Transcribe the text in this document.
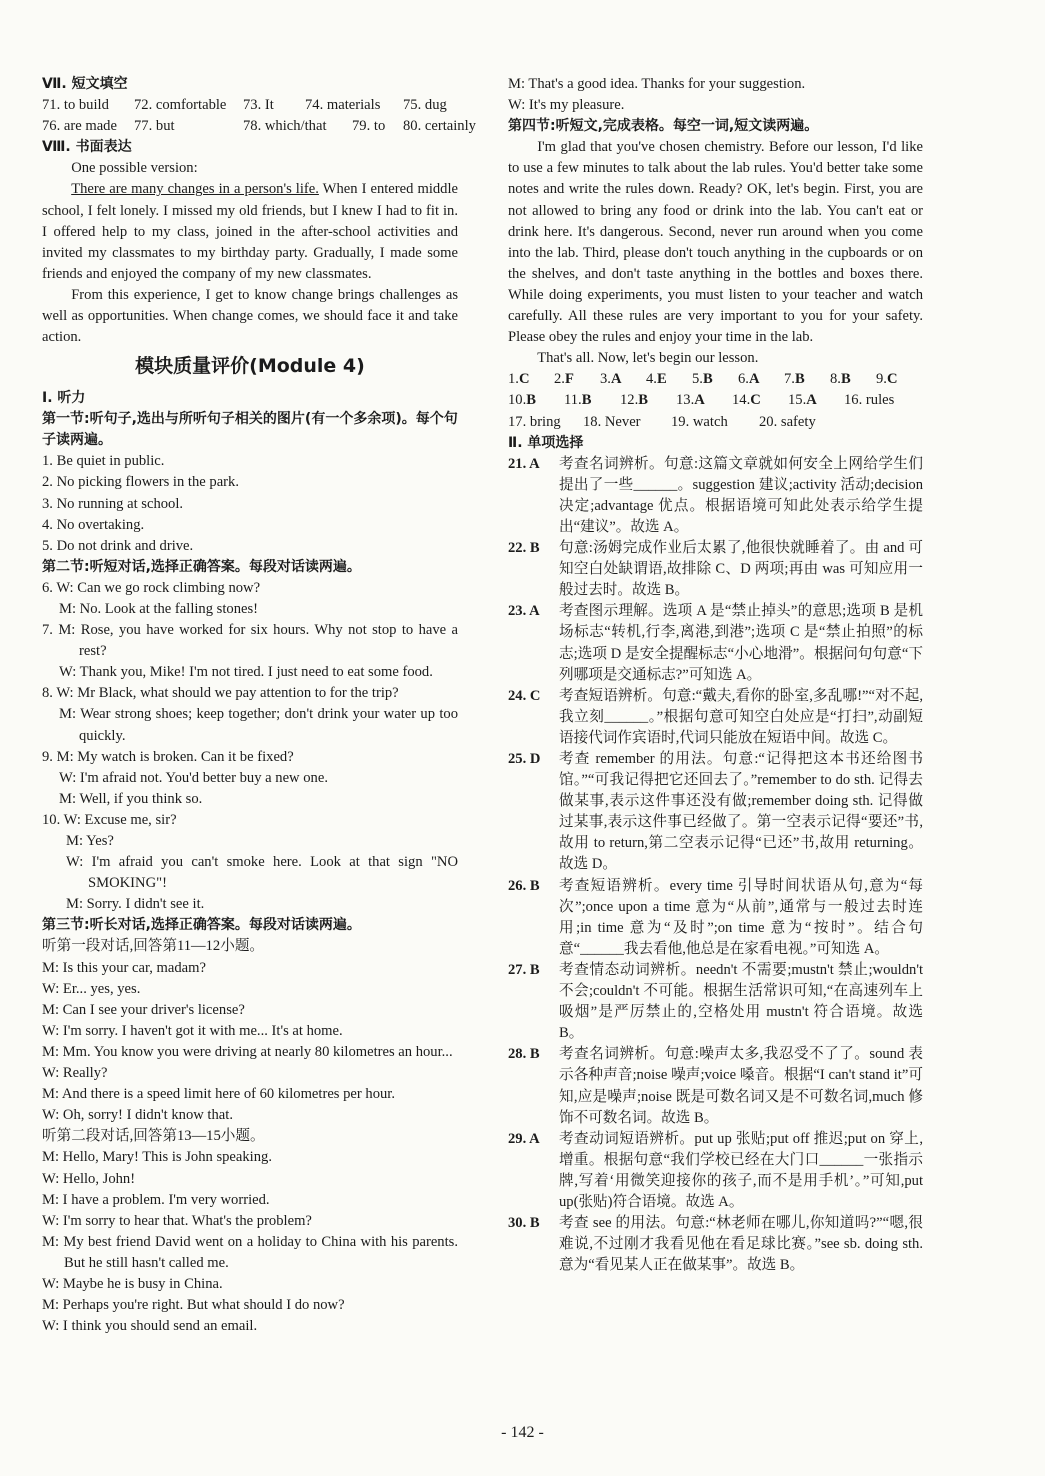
Ⅶ. 短文填空
71. to build 72. comfortable 73. It 74. materials 75. dug
76. are made 77. but	78. which/that 79. to 80. certainly
Ⅷ. 书面表达
One possible version:
There are many changes in a person's life. When I entered middle school, I felt lonely. I missed my old friends, but I knew I had to fit in. I offered help to my class, joined in the after-school activities and invited my classmates to my birthday party. Gradually, I made some friends and enjoyed the company of my new classmates.
From this experience, I get to know change brings challenges as well as opportunities. When change comes, we should face it and take action.
模块质量评价(Module 4)
Ⅰ. 听力
第一节:听句子,选出与所听句子相关的图片(有一个多余项)。每个句子读两遍。
1. Be quiet in public.
2. No picking flowers in the park.
3. No running at school.
4. No overtaking.
5. Do not drink and drive.
第二节:听短对话,选择正确答案。每段对话读两遍。
6. W: Can we go rock climbing now?
M: No. Look at the falling stones!
7. M: Rose, you have worked for six hours. Why not stop to have a rest?
W: Thank you, Mike! I'm not tired. I just need to eat some food.
8. W: Mr Black, what should we pay attention to for the trip?
M: Wear strong shoes; keep together; don't drink your water up too quickly.
9. M: My watch is broken. Can it be fixed?
W: I'm afraid not. You'd better buy a new one.
M: Well, if you think so.
10. W: Excuse me, sir?
M: Yes?
W: I'm afraid you can't smoke here. Look at that sign "NO SMOKING"!
M: Sorry. I didn't see it.
第三节:听长对话,选择正确答案。每段对话读两遍。
听第一段对话,回答第11—12小题。
M: Is this your car, madam?
W: Er... yes, yes.
M: Can I see your driver's license?
W: I'm sorry. I haven't got it with me... It's at home.
M: Mm. You know you were driving at nearly 80 kilometres an hour...
W: Really?
M: And there is a speed limit here of 60 kilometres per hour.
W: Oh, sorry! I didn't know that.
听第二段对话,回答第13—15小题。
M: Hello, Mary! This is John speaking.
W: Hello, John!
M: I have a problem. I'm very worried.
W: I'm sorry to hear that. What's the problem?
M: My best friend David went on a holiday to China with his parents. But he still hasn't called me.
W: Maybe he is busy in China.
M: Perhaps you're right. But what should I do now?
W: I think you should send an email.
M: That's a good idea. Thanks for your suggestion.
W: It's my pleasure.
第四节:听短文,完成表格。每空一词,短文读两遍。
I'm glad that you've chosen chemistry. Before our lesson, I'd like to use a few minutes to talk about the lab rules. You'd better take some notes and write the rules down. Ready? OK, let's begin. First, you are not allowed to bring any food or drink into the lab. You can't eat or drink here. It's dangerous. Second, never run around when you come into the lab. Third, please don't touch anything in the cupboards or on the shelves, and don't taste anything in the bottles and boxes there. While doing experiments, you must listen to your teacher and watch carefully. All these rules are very important to you for your safety. Please obey the rules and enjoy your time in the lab.
That's all. Now, let's begin our lesson.
1.C 2.F 3.A 4.E 5.B 6.A 7.B 8.B 9.C
10.B 11.B 12.B 13.A 14.C 15.A 16. rules
17. bring 18. Never 19. watch 20. safety
Ⅱ. 单项选择
21. A	考查名词辨析。句意:这篇文章就如何安全上网给学生们提出了一些______。suggestion 建议;activity 活动;decision 决定;advantage 优点。根据语境可知此处表示给学生提出“建议”。故选 A。
22. B	句意:汤姆完成作业后太累了,他很快就睡着了。由 and 可知空白处缺谓语,故排除 C、D 两项;再由 was 可知应用一般过去时。故选 B。
23. A	考查图示理解。选项 A 是“禁止掉头”的意思;选项 B 是机场标志“转机,行李,离港,到港”;选项 C 是“禁止拍照”的标志;选项 D 是安全提醒标志“小心地滑”。根据问句句意“下列哪项是交通标志?”可知选 A。
24. C	考查短语辨析。句意:“戴夫,看你的卧室,多乱哪!”“对不起,我立刻______。”根据句意可知空白处应是“打扫”,动副短语接代词作宾语时,代词只能放在短语中间。故选 C。
25. D	考查 remember 的用法。句意:“记得把这本书还给图书馆。”“可我记得把它还回去了。”remember to do sth. 记得去做某事,表示这件事还没有做;remember doing sth. 记得做过某事,表示这件事已经做了。第一空表示记得“要还”书,故用 to return,第二空表示记得“已还”书,故用 returning。故选 D。
26. B	考查短语辨析。every time 引导时间状语从句,意为“每次”;once upon a time 意为“从前”,通常与一般过去时连用;in time 意为“及时”;on time 意为“按时”。结合句意“______我去看他,他总是在家看电视。”可知选 A。
27. B	考查情态动词辨析。needn't 不需要;mustn't 禁止;wouldn't 不会;couldn't 不可能。根据生活常识可知,“在高速列车上吸烟”是严厉禁止的,空格处用 mustn't 符合语境。故选 B。
28. B	考查名词辨析。句意:噪声太多,我忍受不了了。sound 表示各种声音;noise 噪声;voice 嗓音。根据“I can't stand it”可知,应是噪声;noise 既是可数名词又是不可数名词,much 修饰不可数名词。故选 B。
29. A	考查动词短语辨析。put up 张贴;put off 推迟;put on 穿上,增重。根据句意“我们学校已经在大门口______一张指示牌,写着‘用微笑迎接你的孩子,而不是用手机’。”可知,put up(张贴)符合语境。故选 A。
30. B	考查 see 的用法。句意:“林老师在哪儿,你知道吗?”“嗯,很难说,不过刚才我看见他在看足球比赛。”see sb. doing sth. 意为“看见某人正在做某事”。故选 B。
- 142 -
